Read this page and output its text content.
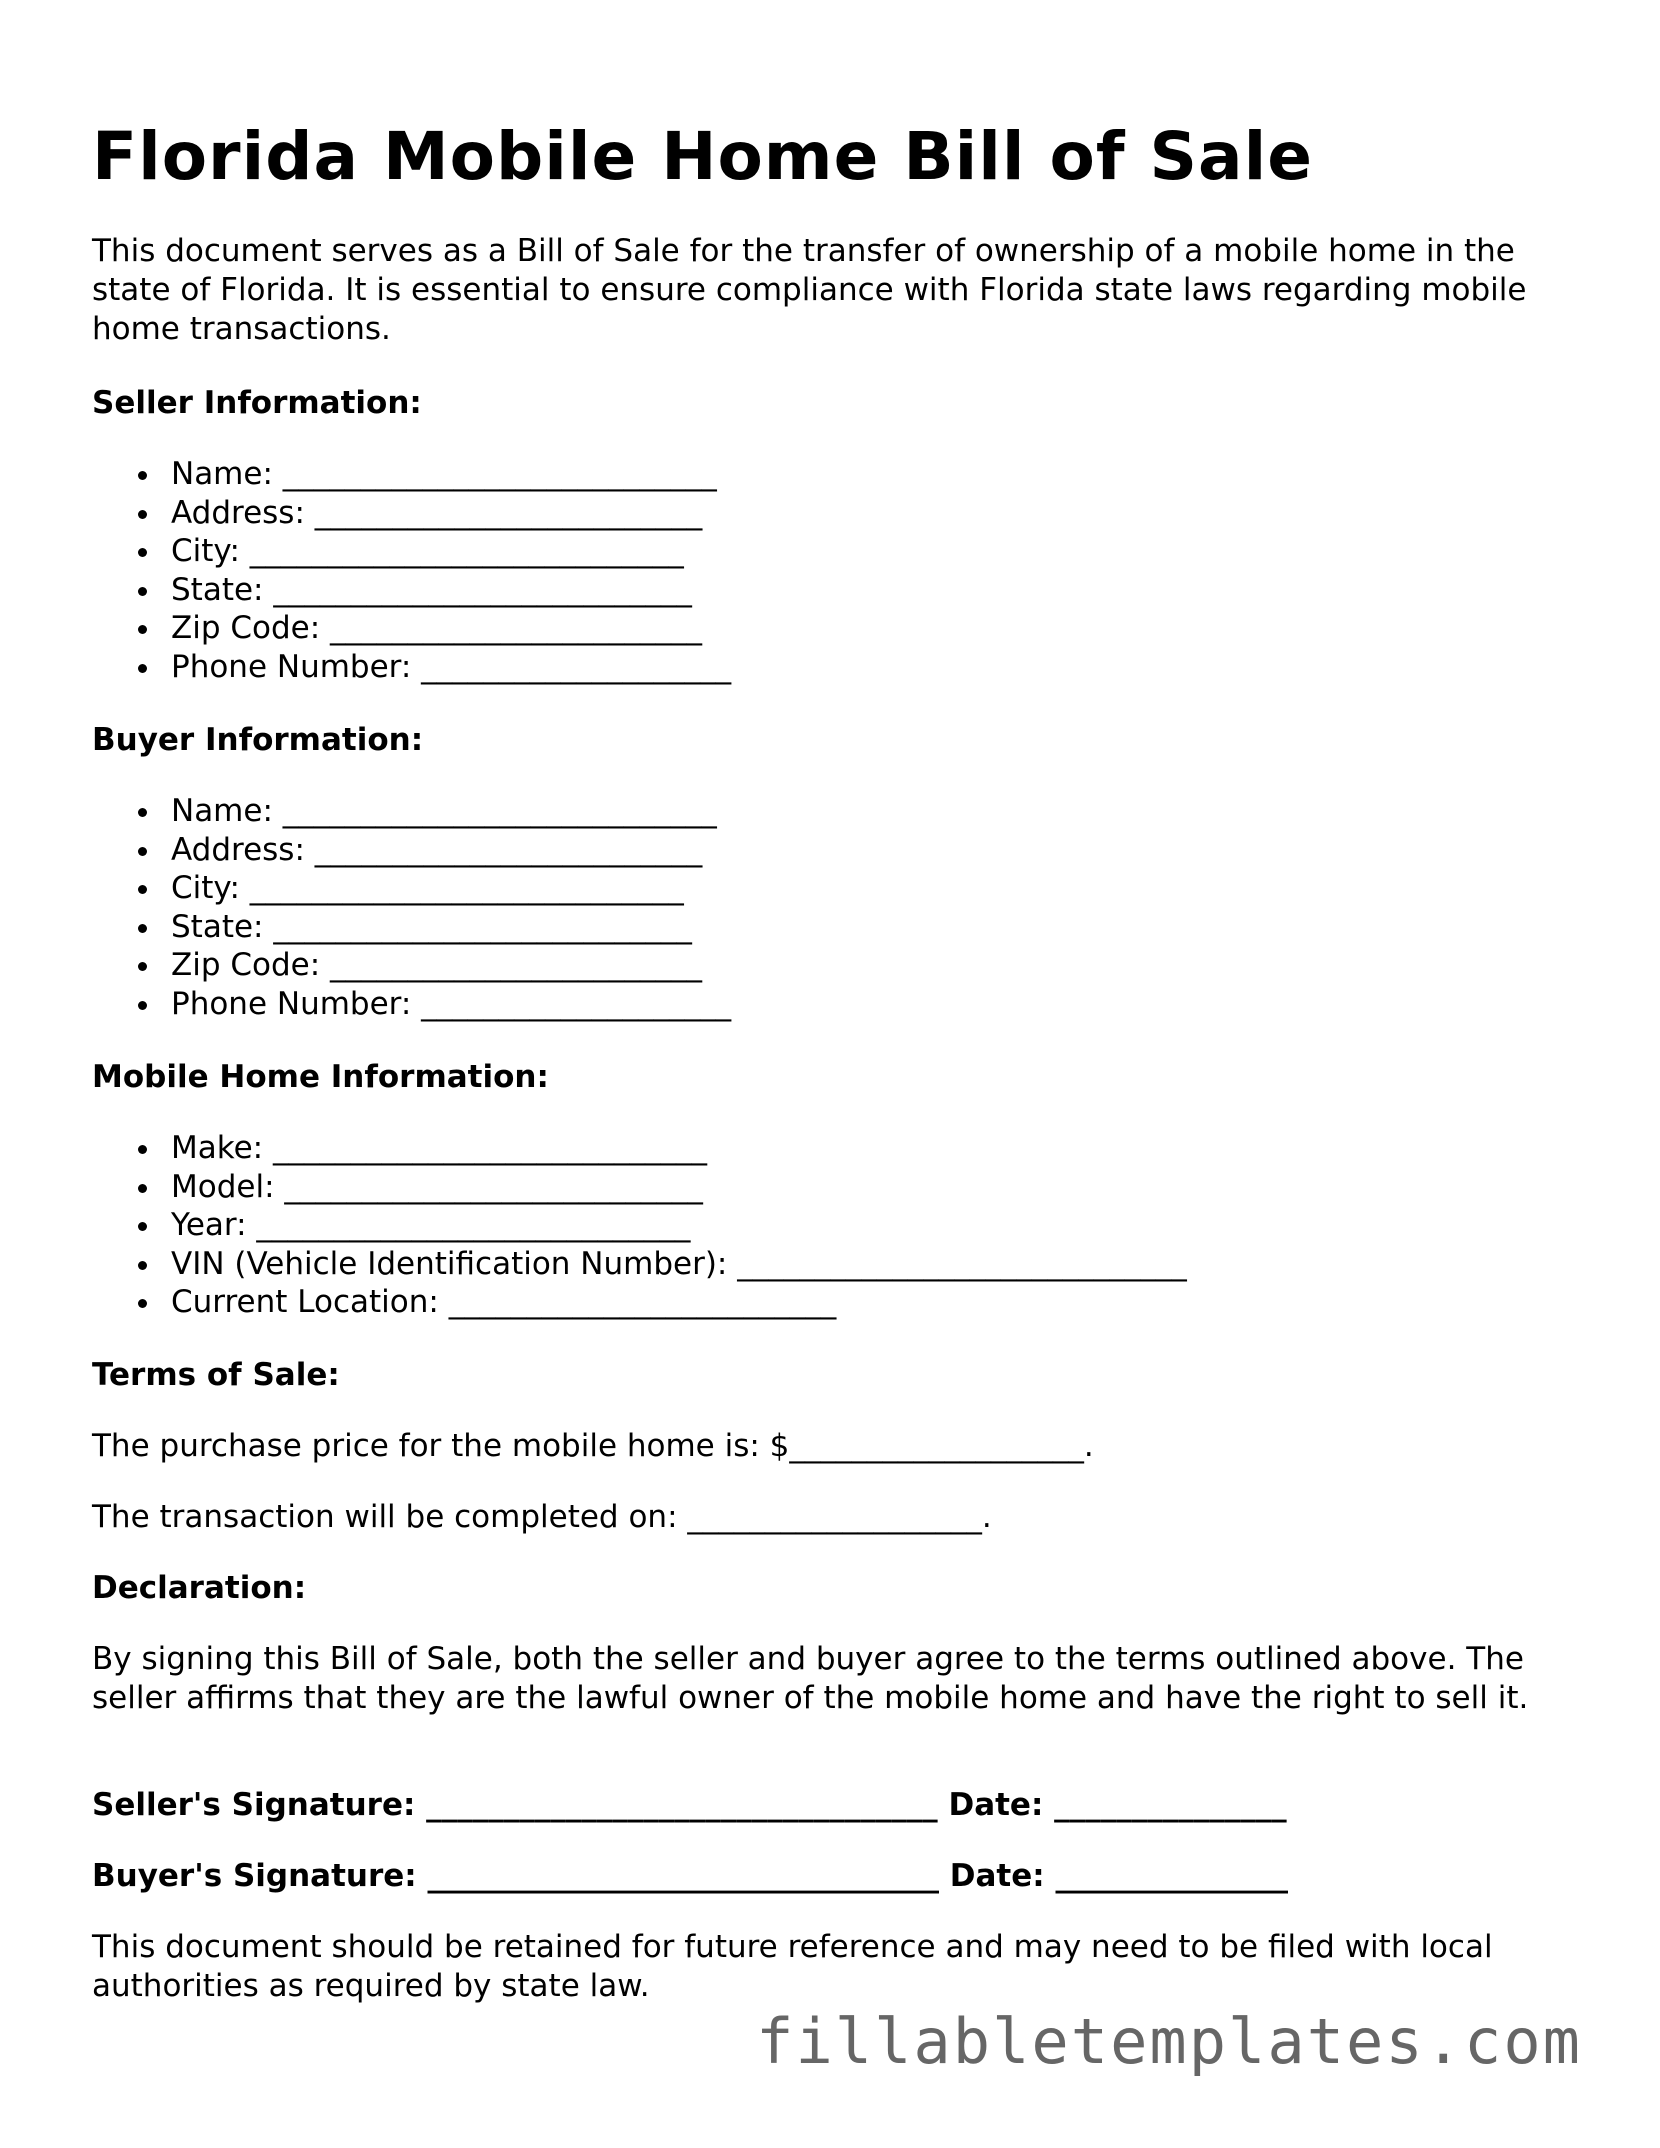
Florida Mobile Home Bill of Sale
This document serves as a Bill of Sale for the transfer of ownership of a mobile home in the state of Florida. It is essential to ensure compliance with Florida state laws regarding mobile home transactions.
Seller Information:
Name: ____________________________
Address: _________________________
City: ____________________________
State: ___________________________
Zip Code: ________________________
Phone Number: ____________________
Buyer Information:
Name: ____________________________
Address: _________________________
City: ____________________________
State: ___________________________
Zip Code: ________________________
Phone Number: ____________________
Mobile Home Information:
Make: ____________________________
Model: ___________________________
Year: ____________________________
VIN (Vehicle Identification Number): _____________________________
Current Location: _________________________
Terms of Sale:
The purchase price for the mobile home is: $___________________.
The transaction will be completed on: ___________________.
Declaration:
By signing this Bill of Sale, both the seller and buyer agree to the terms outlined above. The seller affirms that they are the lawful owner of the mobile home and have the right to sell it.
Seller's Signature: _________________________________ Date: _______________
Buyer's Signature: _________________________________ Date: _______________
This document should be retained for future reference and may need to be filed with local authorities as required by state law.
fillabletemplates.com
